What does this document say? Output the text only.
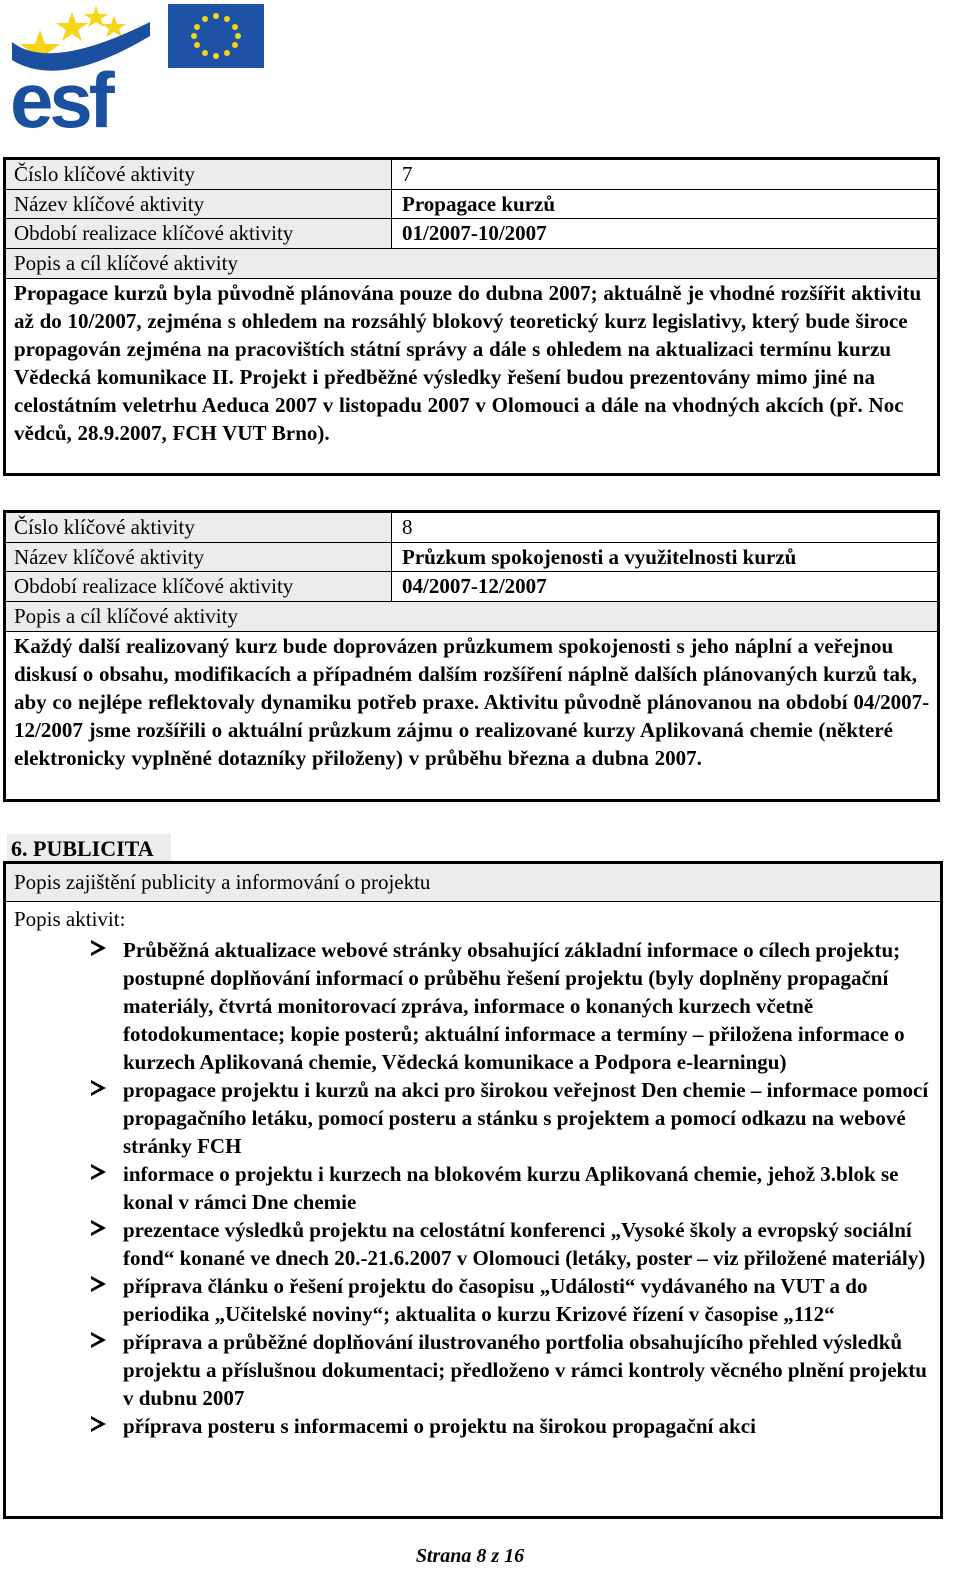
esf
Číslo klíčové aktivity	7
Název klíčové aktivity	Propagace kurzů
Období realizace klíčové aktivity	01/2007-10/2007
Popis a cíl klíčové aktivity
Propagace kurzů byla původně plánována pouze do dubna 2007; aktuálně je vhodné rozšířit aktivitu až do 10/2007, zejména s ohledem na rozsáhlý blokový teoretický kurz legislativy, který bude široce propagován zejména na pracovištích státní správy a dále s ohledem na aktualizaci termínu kurzu Vědecká komunikace II. Projekt i předběžné výsledky řešení budou prezentovány mimo jiné na celostátním veletrhu Aeduca 2007 v listopadu 2007 v Olomouci a dále na vhodných akcích (př. Noc vědců, 28.9.2007, FCH VUT Brno).
Číslo klíčové aktivity	8
Název klíčové aktivity	Průzkum spokojenosti a využitelnosti kurzů
Období realizace klíčové aktivity	04/2007-12/2007
Popis a cíl klíčové aktivity
Každý další realizovaný kurz bude doprovázen průzkumem spokojenosti s jeho náplní a veřejnou diskusí o obsahu, modifikacích a případném dalším rozšíření náplně dalších plánovaných kurzů tak, aby co nejlépe reflektovaly dynamiku potřeb praxe. Aktivitu původně plánovanou na období 04/2007-12/2007 jsme rozšířili o aktuální průzkum zájmu o realizované kurzy Aplikovaná chemie (některé elektronicky vyplněné dotazníky přiloženy) v průběhu března a dubna 2007.
6. PUBLICITA
Popis zajištění publicity a informování o projektu
Popis aktivit:
Průběžná aktualizace webové stránky obsahující základní informace o cílech projektu; postupné doplňování informací o průběhu řešení projektu (byly doplněny propagační materiály, čtvrtá monitorovací zpráva, informace o konaných kurzech včetně fotodokumentace; kopie posterů; aktuální informace a termíny – přiložena informace o kurzech Aplikovaná chemie, Vědecká komunikace a Podpora e-learningu)
propagace projektu i kurzů na akci pro širokou veřejnost Den chemie – informace pomocí propagačního letáku, pomocí posteru a stánku s projektem a pomocí odkazu na webové stránky FCH
informace o projektu i kurzech na blokovém kurzu Aplikovaná chemie, jehož 3.blok se konal v rámci Dne chemie
prezentace výsledků projektu na celostátní konferenci „Vysoké školy a evropský sociální fond“ konané ve dnech 20.-21.6.2007 v Olomouci (letáky, poster – viz přiložené materiály)
příprava článku o řešení projektu do časopisu „Události“ vydávaného na VUT a do periodika „Učitelské noviny“; aktualita o kurzu Krizové řízení v časopise „112“
příprava a průběžné doplňování ilustrovaného portfolia obsahujícího přehled výsledků projektu a příslušnou dokumentaci; předloženo v rámci kontroly věcného plnění projektu v dubnu 2007
příprava posteru s informacemi o projektu na širokou propagační akci
Strana 8 z 16
